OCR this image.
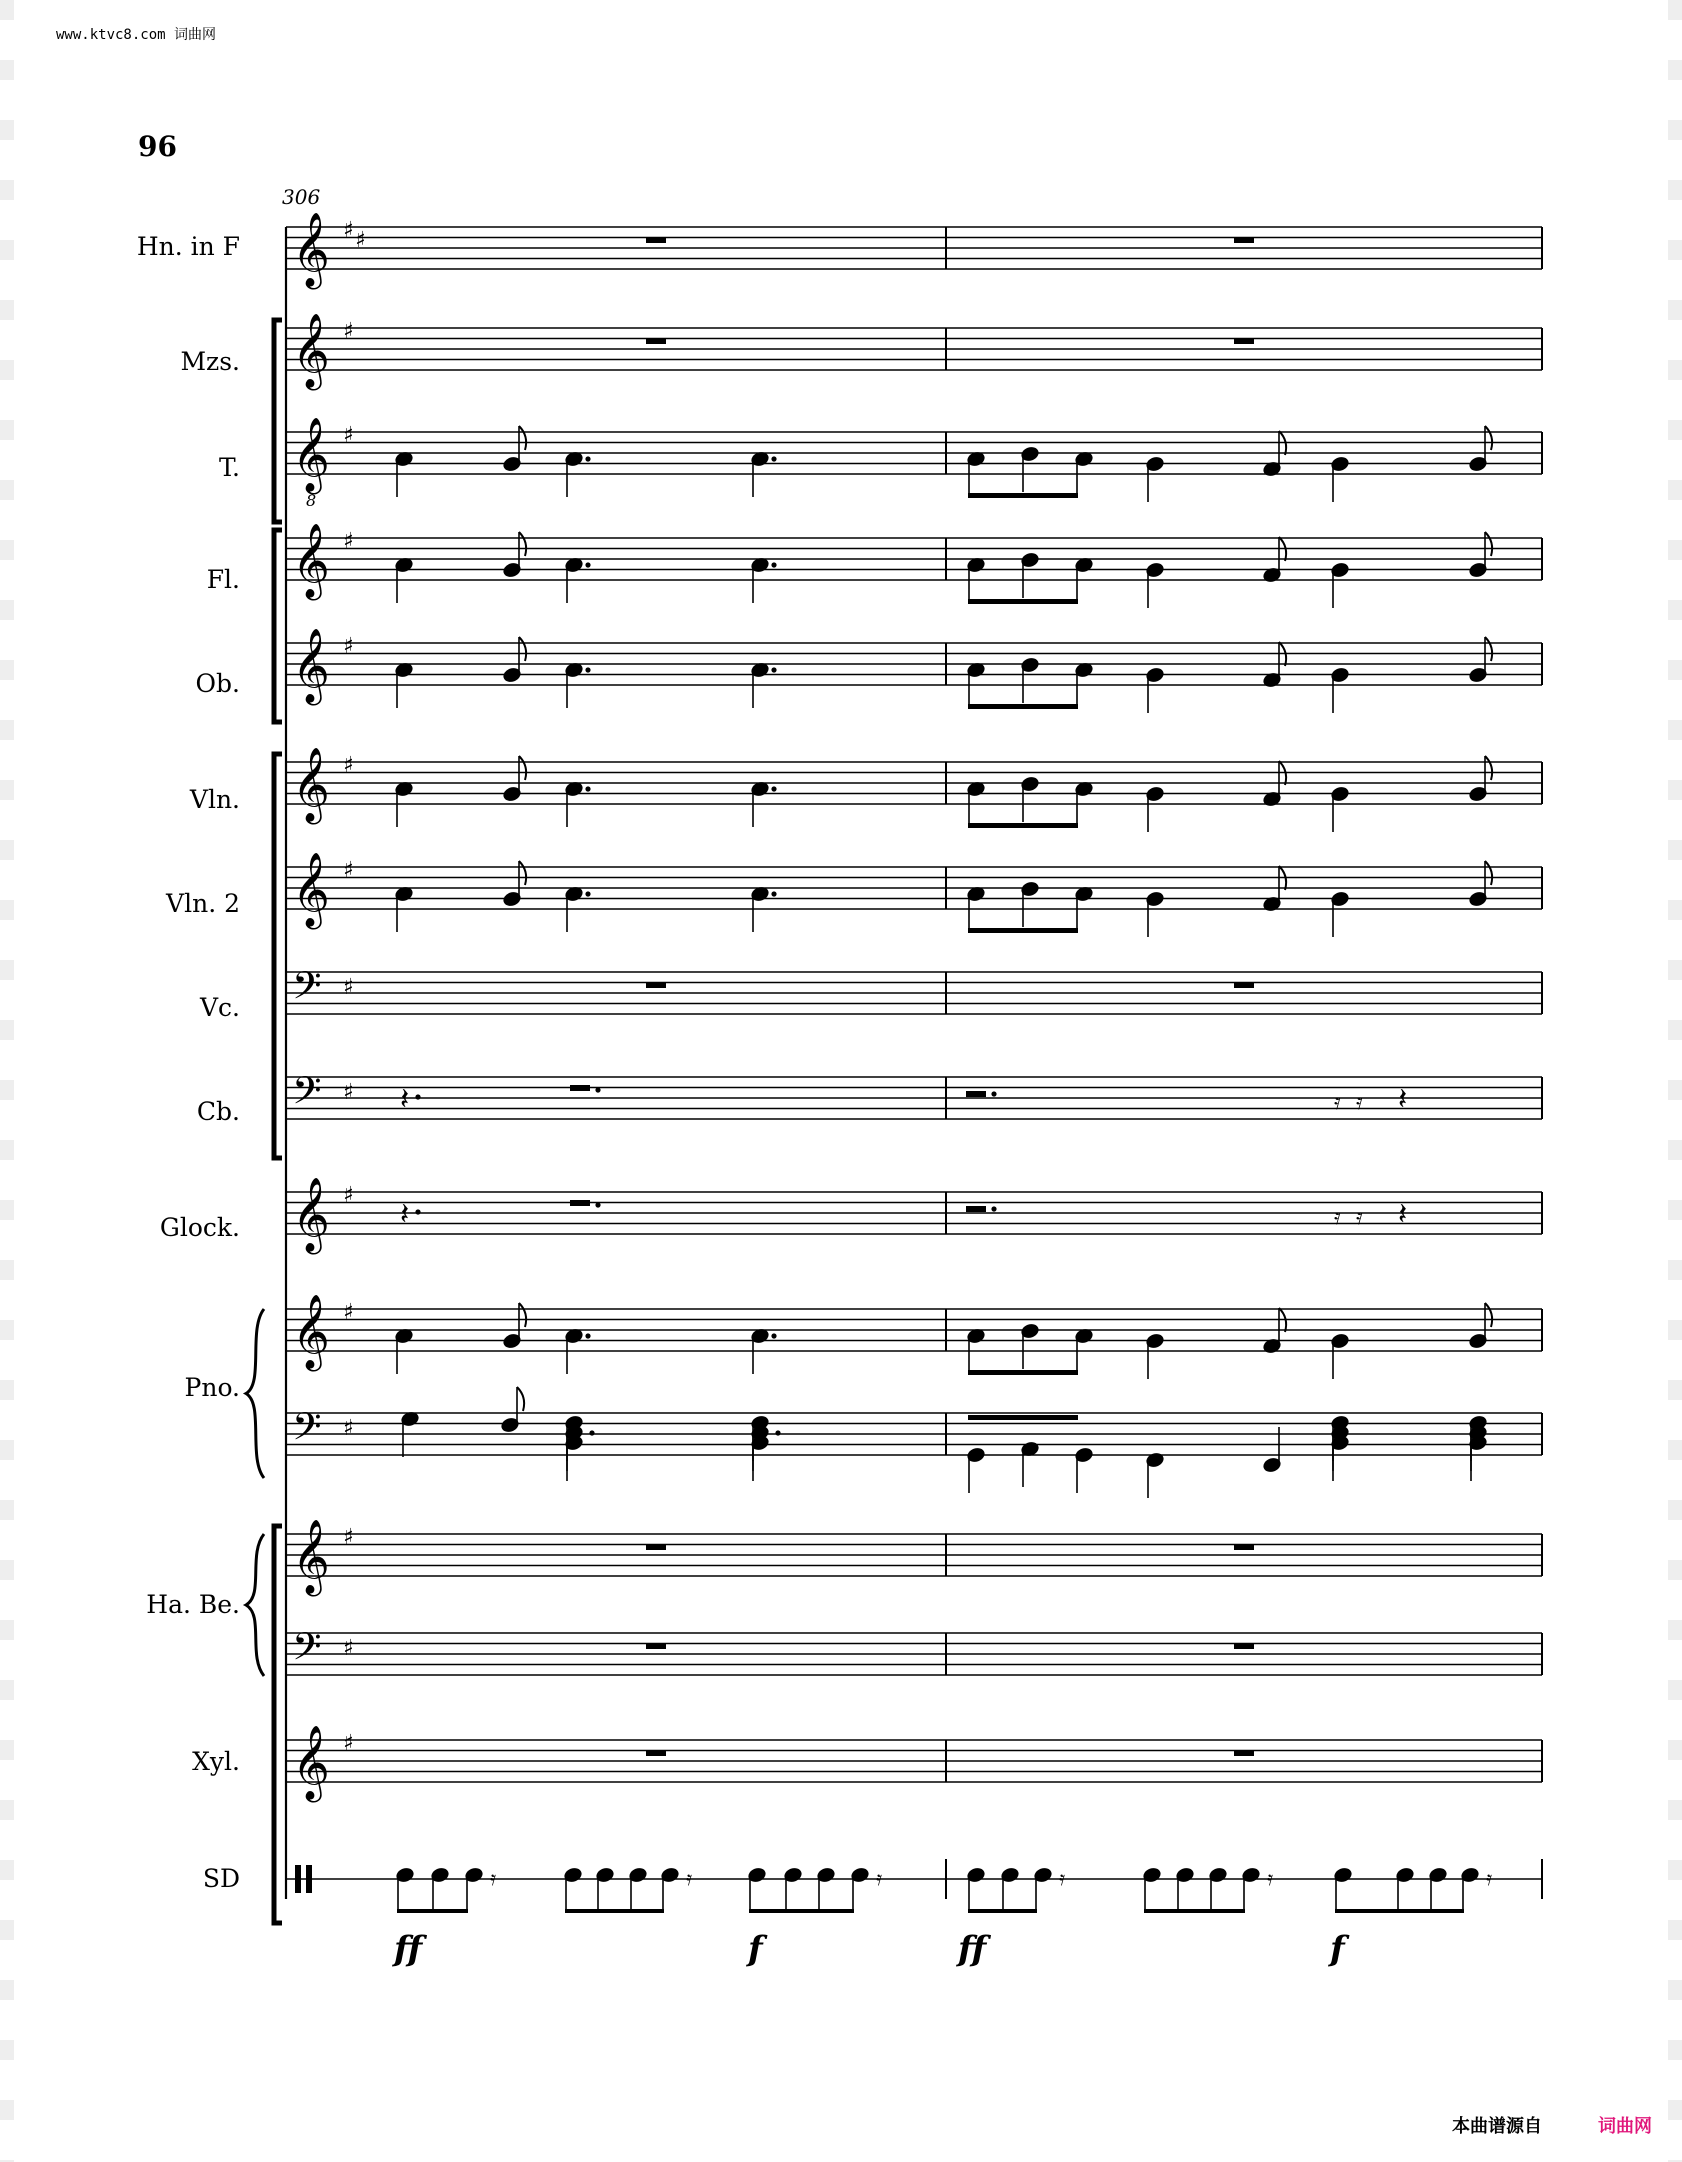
www.ktvc8.com 词曲网
96
306
𝄞 ♯ ♯
Hn. in F
𝄞 ♯
Mzs.
𝄞
8
♯
T.
𝄞 ♯
Fl.
𝄞 ♯
Ob.
𝄞 ♯
Vln.
𝄞 ♯
Vln. 2
𝄢 ♯
Vc.
𝄢 ♯
Cb.	𝄽	𝄿 𝄿 𝄽
𝄞 ♯
Glock.	𝄽	𝄿 𝄿 𝄽
𝄞 ♯
Pno.
𝄢 ♯
𝄞 ♯
Ha. Be.
𝄢 ♯
𝄞 ♯
Xyl.
SD	𝄿	𝄿	𝄿	𝄿	𝄿	𝄿
ff	f	ff	f
本曲谱源自	词曲网
